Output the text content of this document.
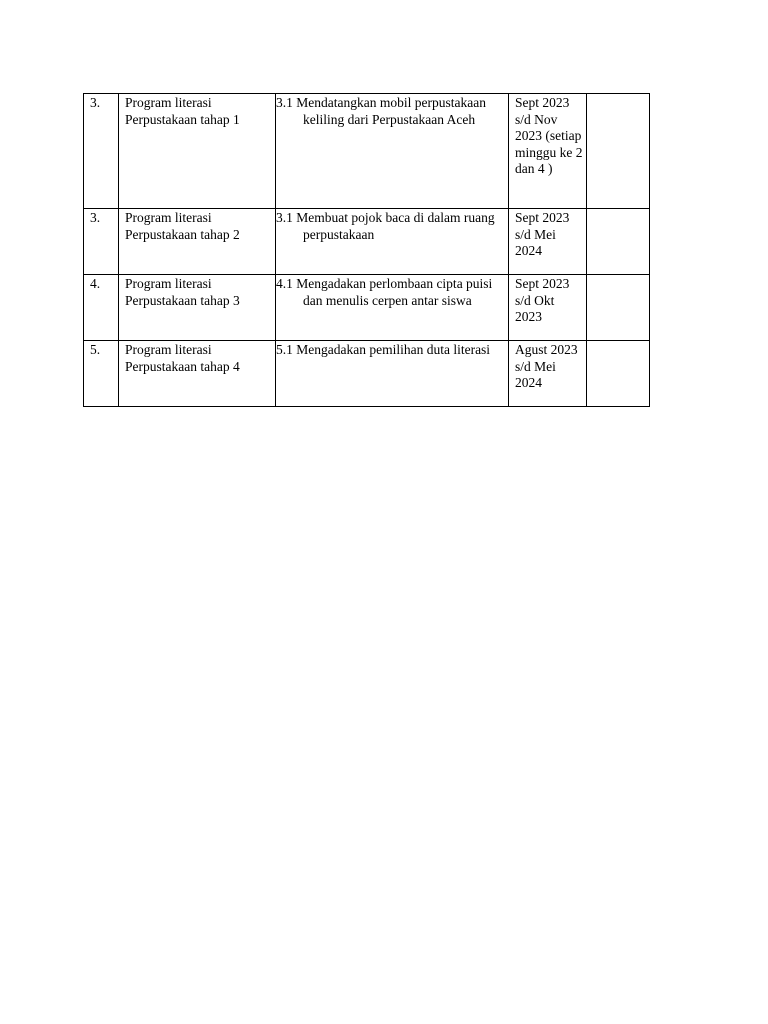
3.	Program literasi Perpustakaan tahap 1	3.1 Mendatangkan mobil perpustakaan keliling dari Perpustakaan Aceh	Sept 2023 s/d Nov 2023 (setiap minggu ke 2 dan 4 )	
3.	Program literasi Perpustakaan tahap 2	3.1 Membuat pojok baca di dalam ruang perpustakaan	Sept 2023 s/d Mei 2024	
4.	Program literasi Perpustakaan tahap 3	4.1 Mengadakan perlombaan cipta puisi dan menulis cerpen antar siswa	Sept 2023 s/d Okt 2023	
5.	Program literasi Perpustakaan tahap 4	5.1 Mengadakan pemilihan duta literasi	Agust 2023 s/d Mei 2024	
